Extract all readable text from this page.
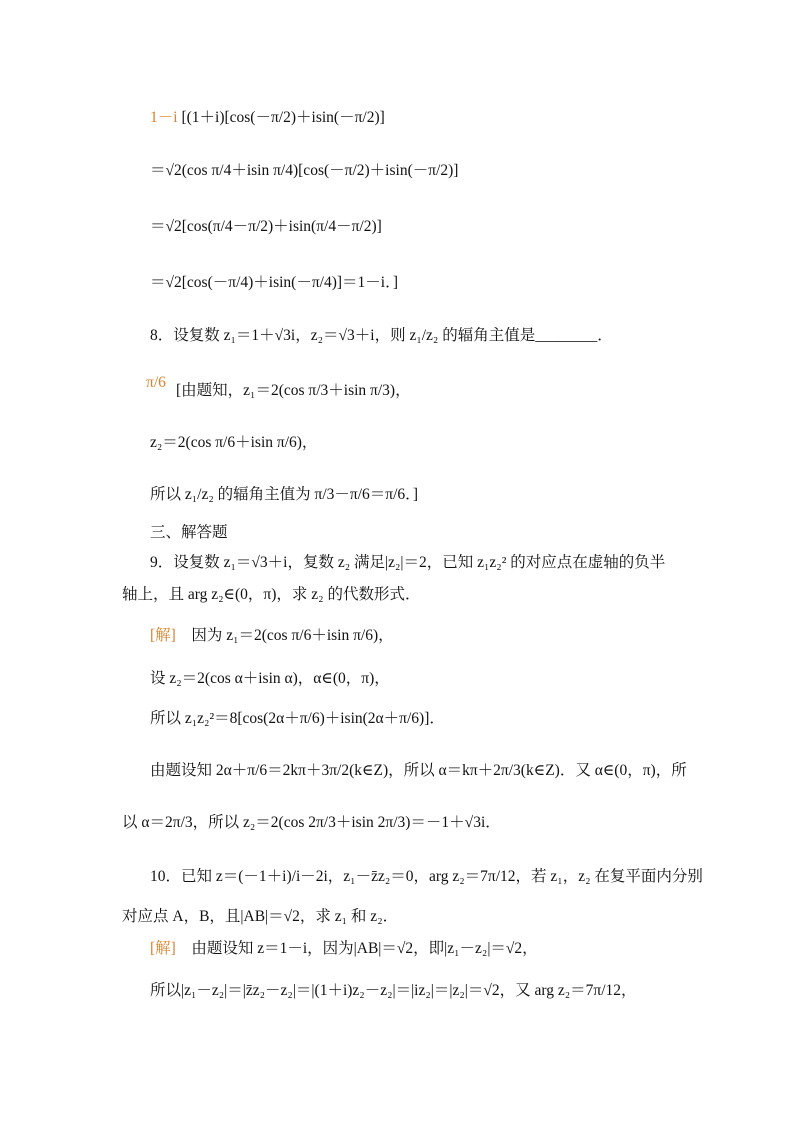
1－i [(1＋i)[cos(－π/2)＋isin(－π/2)]
＝√2(cos π/4＋isin π/4)[cos(－π/2)＋isin(－π/2)]
＝√2[cos(π/4－π/2)＋isin(π/4－π/2)]
＝√2[cos(－π/4)＋isin(－π/4)]＝1－i．]
8．设复数 z₁＝1＋√3i，z₂＝√3＋i，则 z₁/z₂ 的辐角主值是________．
π/6 [由题知，z₁＝2(cos π/3＋isin π/3)，
z₂＝2(cos π/6＋isin π/6)，
所以 z₁/z₂ 的辐角主值为 π/3－π/6＝π/6．]
三、解答题
9．设复数 z₁＝√3＋i，复数 z₂ 满足|z₂|＝2，已知 z₁z₂² 的对应点在虚轴的负半
轴上，且 arg z₂∈(0，π)，求 z₂ 的代数形式．
[解]　 因为 z₁＝2(cos π/6＋isin π/6)，
设 z₂＝2(cos α＋isin α)，α∈(0，π)，
所以 z₁z₂²＝8[cos(2α＋π/6)＋isin(2α＋π/6)]．
由题设知 2α＋π/6＝2kπ＋3π/2(k∈Z)，所以 α＝kπ＋2π/3(k∈Z)．又 α∈(0，π)，所
以 α＝2π/3，所以 z₂＝2(cos 2π/3＋isin 2π/3)＝－1＋√3i．
10．已知 z＝(－1＋i)/i－2i，z₁－z̄z₂＝0，arg z₂＝7π/12，若 z₁，z₂ 在复平面内分别
对应点 A，B，且|AB|＝√2，求 z₁ 和 z₂．
[解]　 由题设知 z＝1－i，因为|AB|＝√2，即|z₁－z₂|＝√2，
所以|z₁－z₂|＝|z̄z₂－z₂|＝|(1＋i)z₂－z₂|＝|iz₂|＝|z₂|＝√2，又 arg z₂＝7π/12，
